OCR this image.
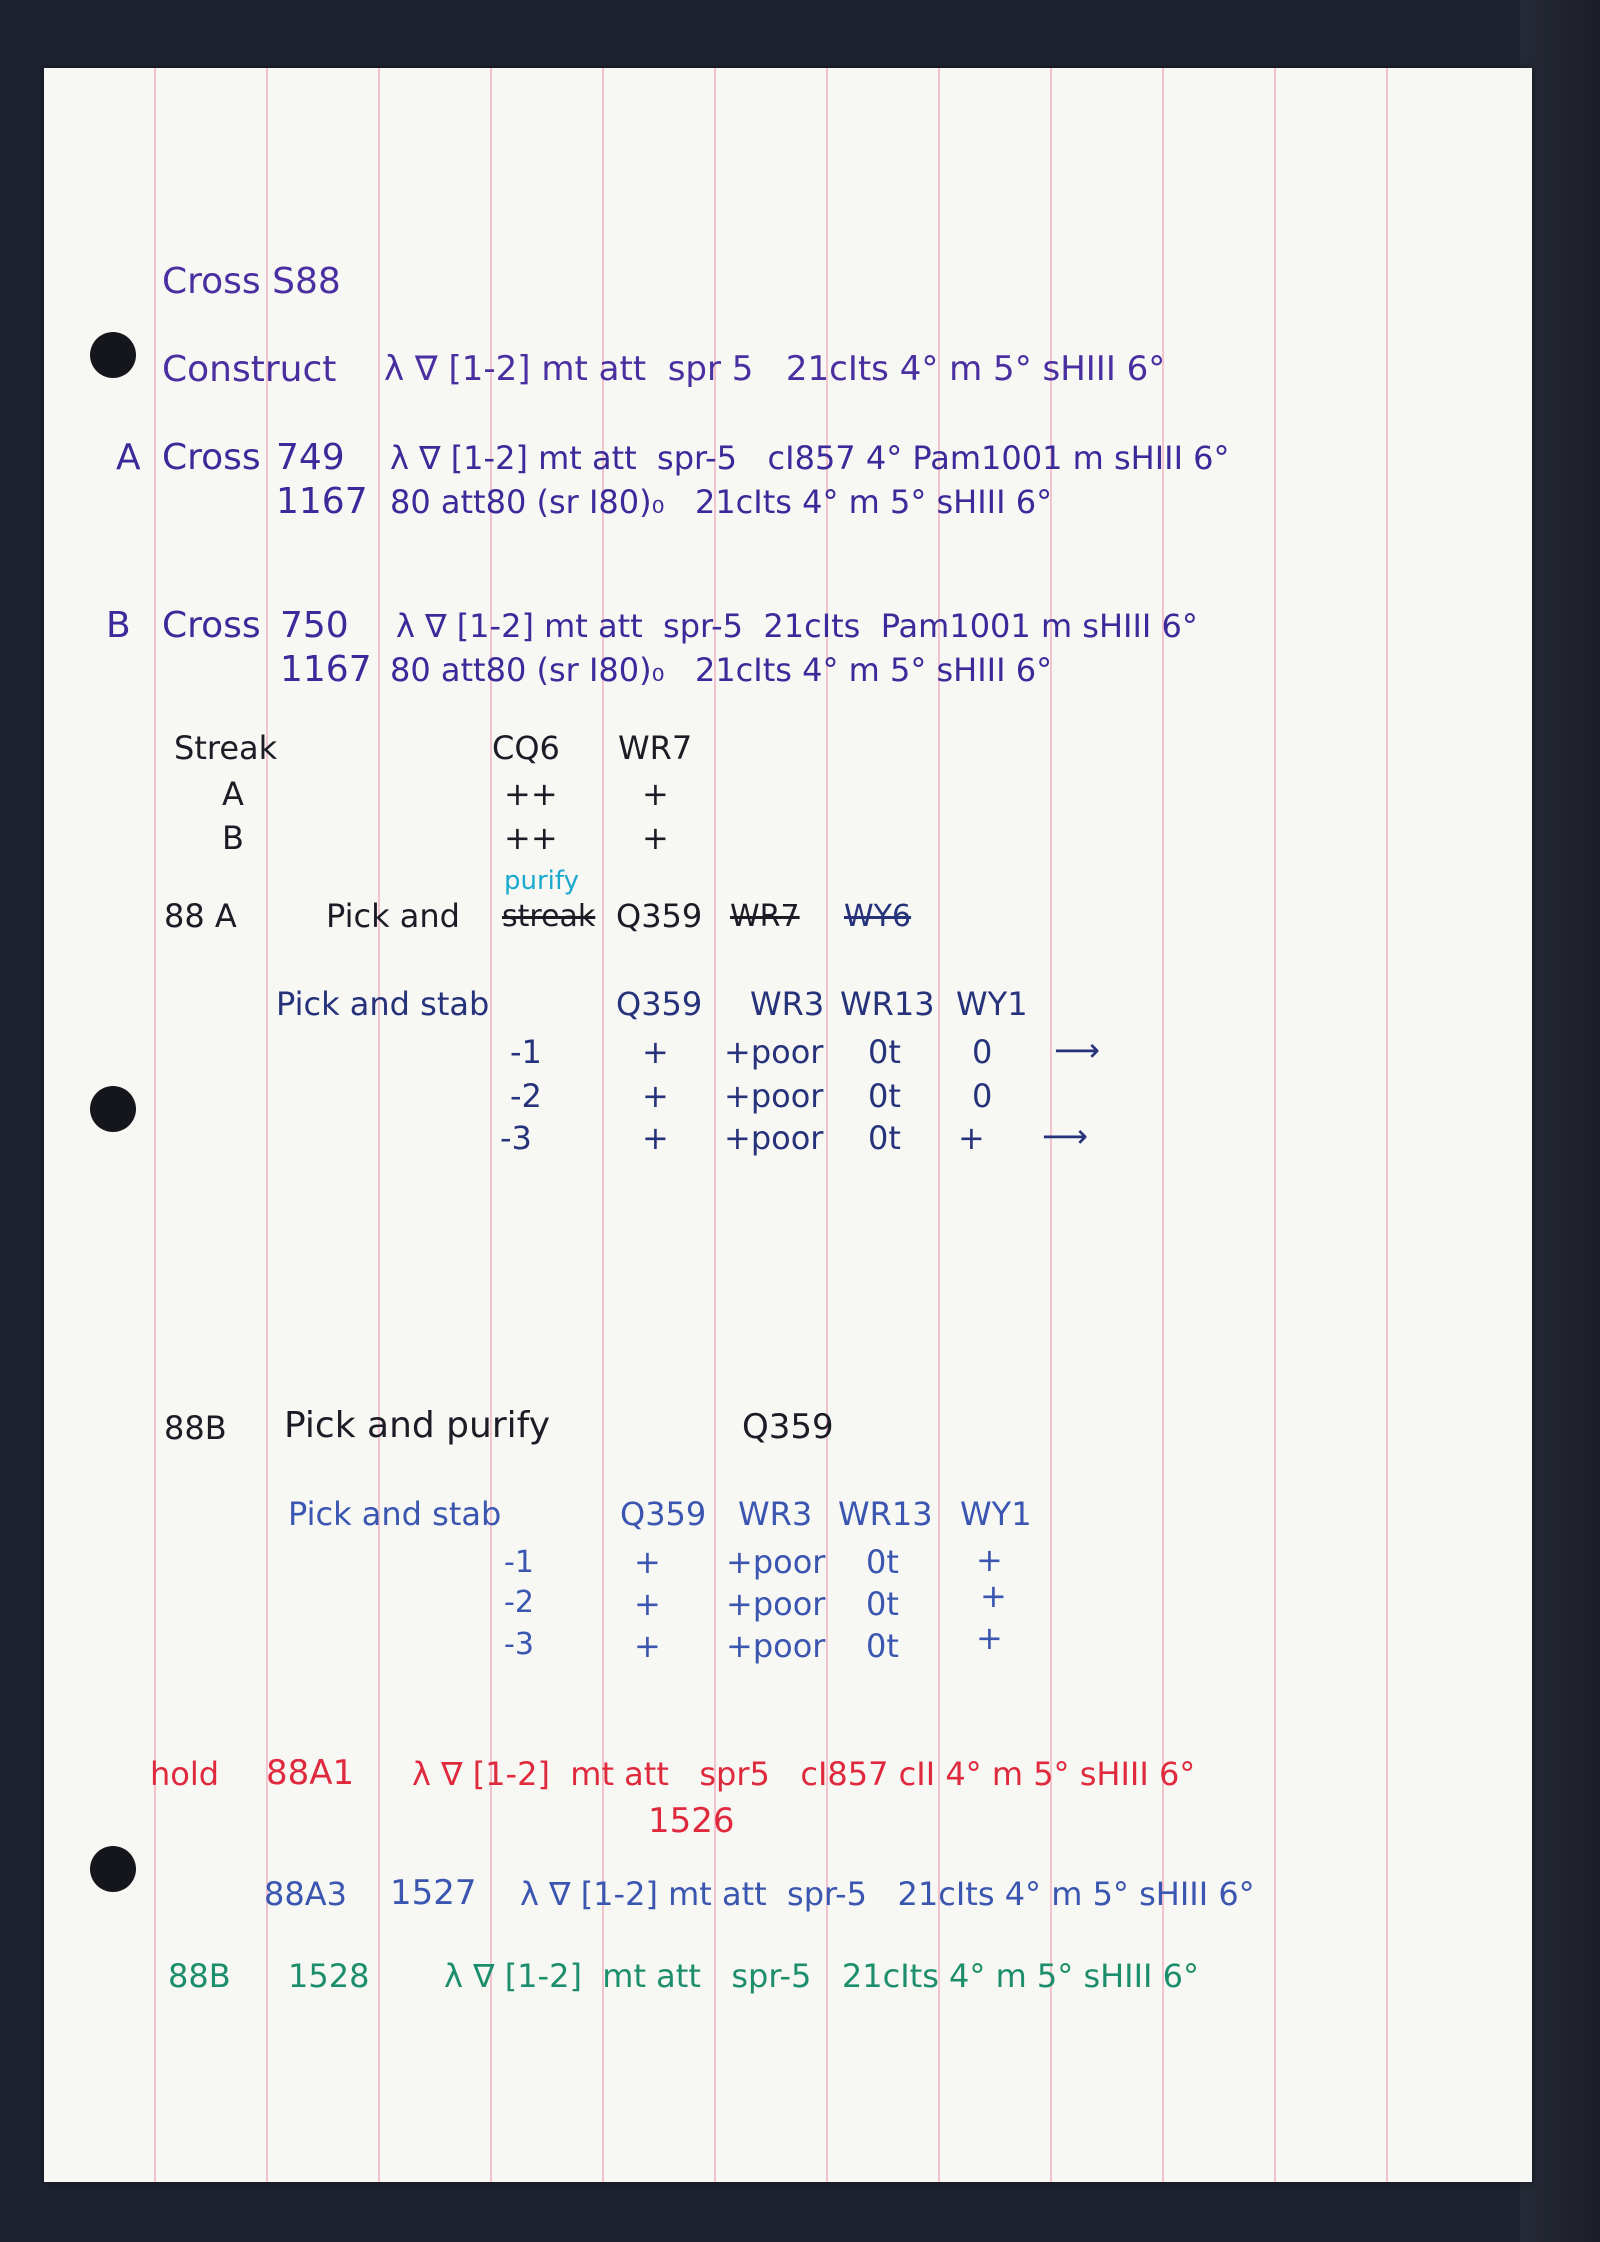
Cross S88
Construct λ ∇ [1-2] mt att  spr 5   21cIts 4° m 5° sHIII 6°
A Cross 749 λ ∇ [1-2] mt att  spr-5   cI857 4° Pam1001 m sHIII 6°
1167 80 att80 (sr I80)₀   21cIts 4° m 5° sHIII 6°
B Cross 750 λ ∇ [1-2] mt att  spr-5  21cIts  Pam1001 m sHIII 6°
1167 80 att80 (sr I80)₀   21cIts 4° m 5° sHIII 6°
Streak	CQ6 WR7
A	++	+
B	++	+
88 A	Pick and
purify
streak Q359 WR7 WY6
Pick and stab	Q359 WR3 WR13 WY1
-1	+ +poor 0t 0 ⟶
-2	+ +poor 0t 0
-3	+ +poor 0t + ⟶
88B Pick and purify	Q359
Pick and stab	Q359 WR3 WR13 WY1
-1	+ +poor 0t +
-2	+ +poor 0t	+
-3	+ +poor 0t +
hold 88A1 λ ∇ [1-2]  mt att   spr5   cI857 cII 4° m 5° sHIII 6°
1526
88A3 1527 λ ∇ [1-2] mt att  spr-5   21cIts 4° m 5° sHIII 6°
88B 1528 λ ∇ [1-2]  mt att   spr-5   21cIts 4° m 5° sHIII 6°
